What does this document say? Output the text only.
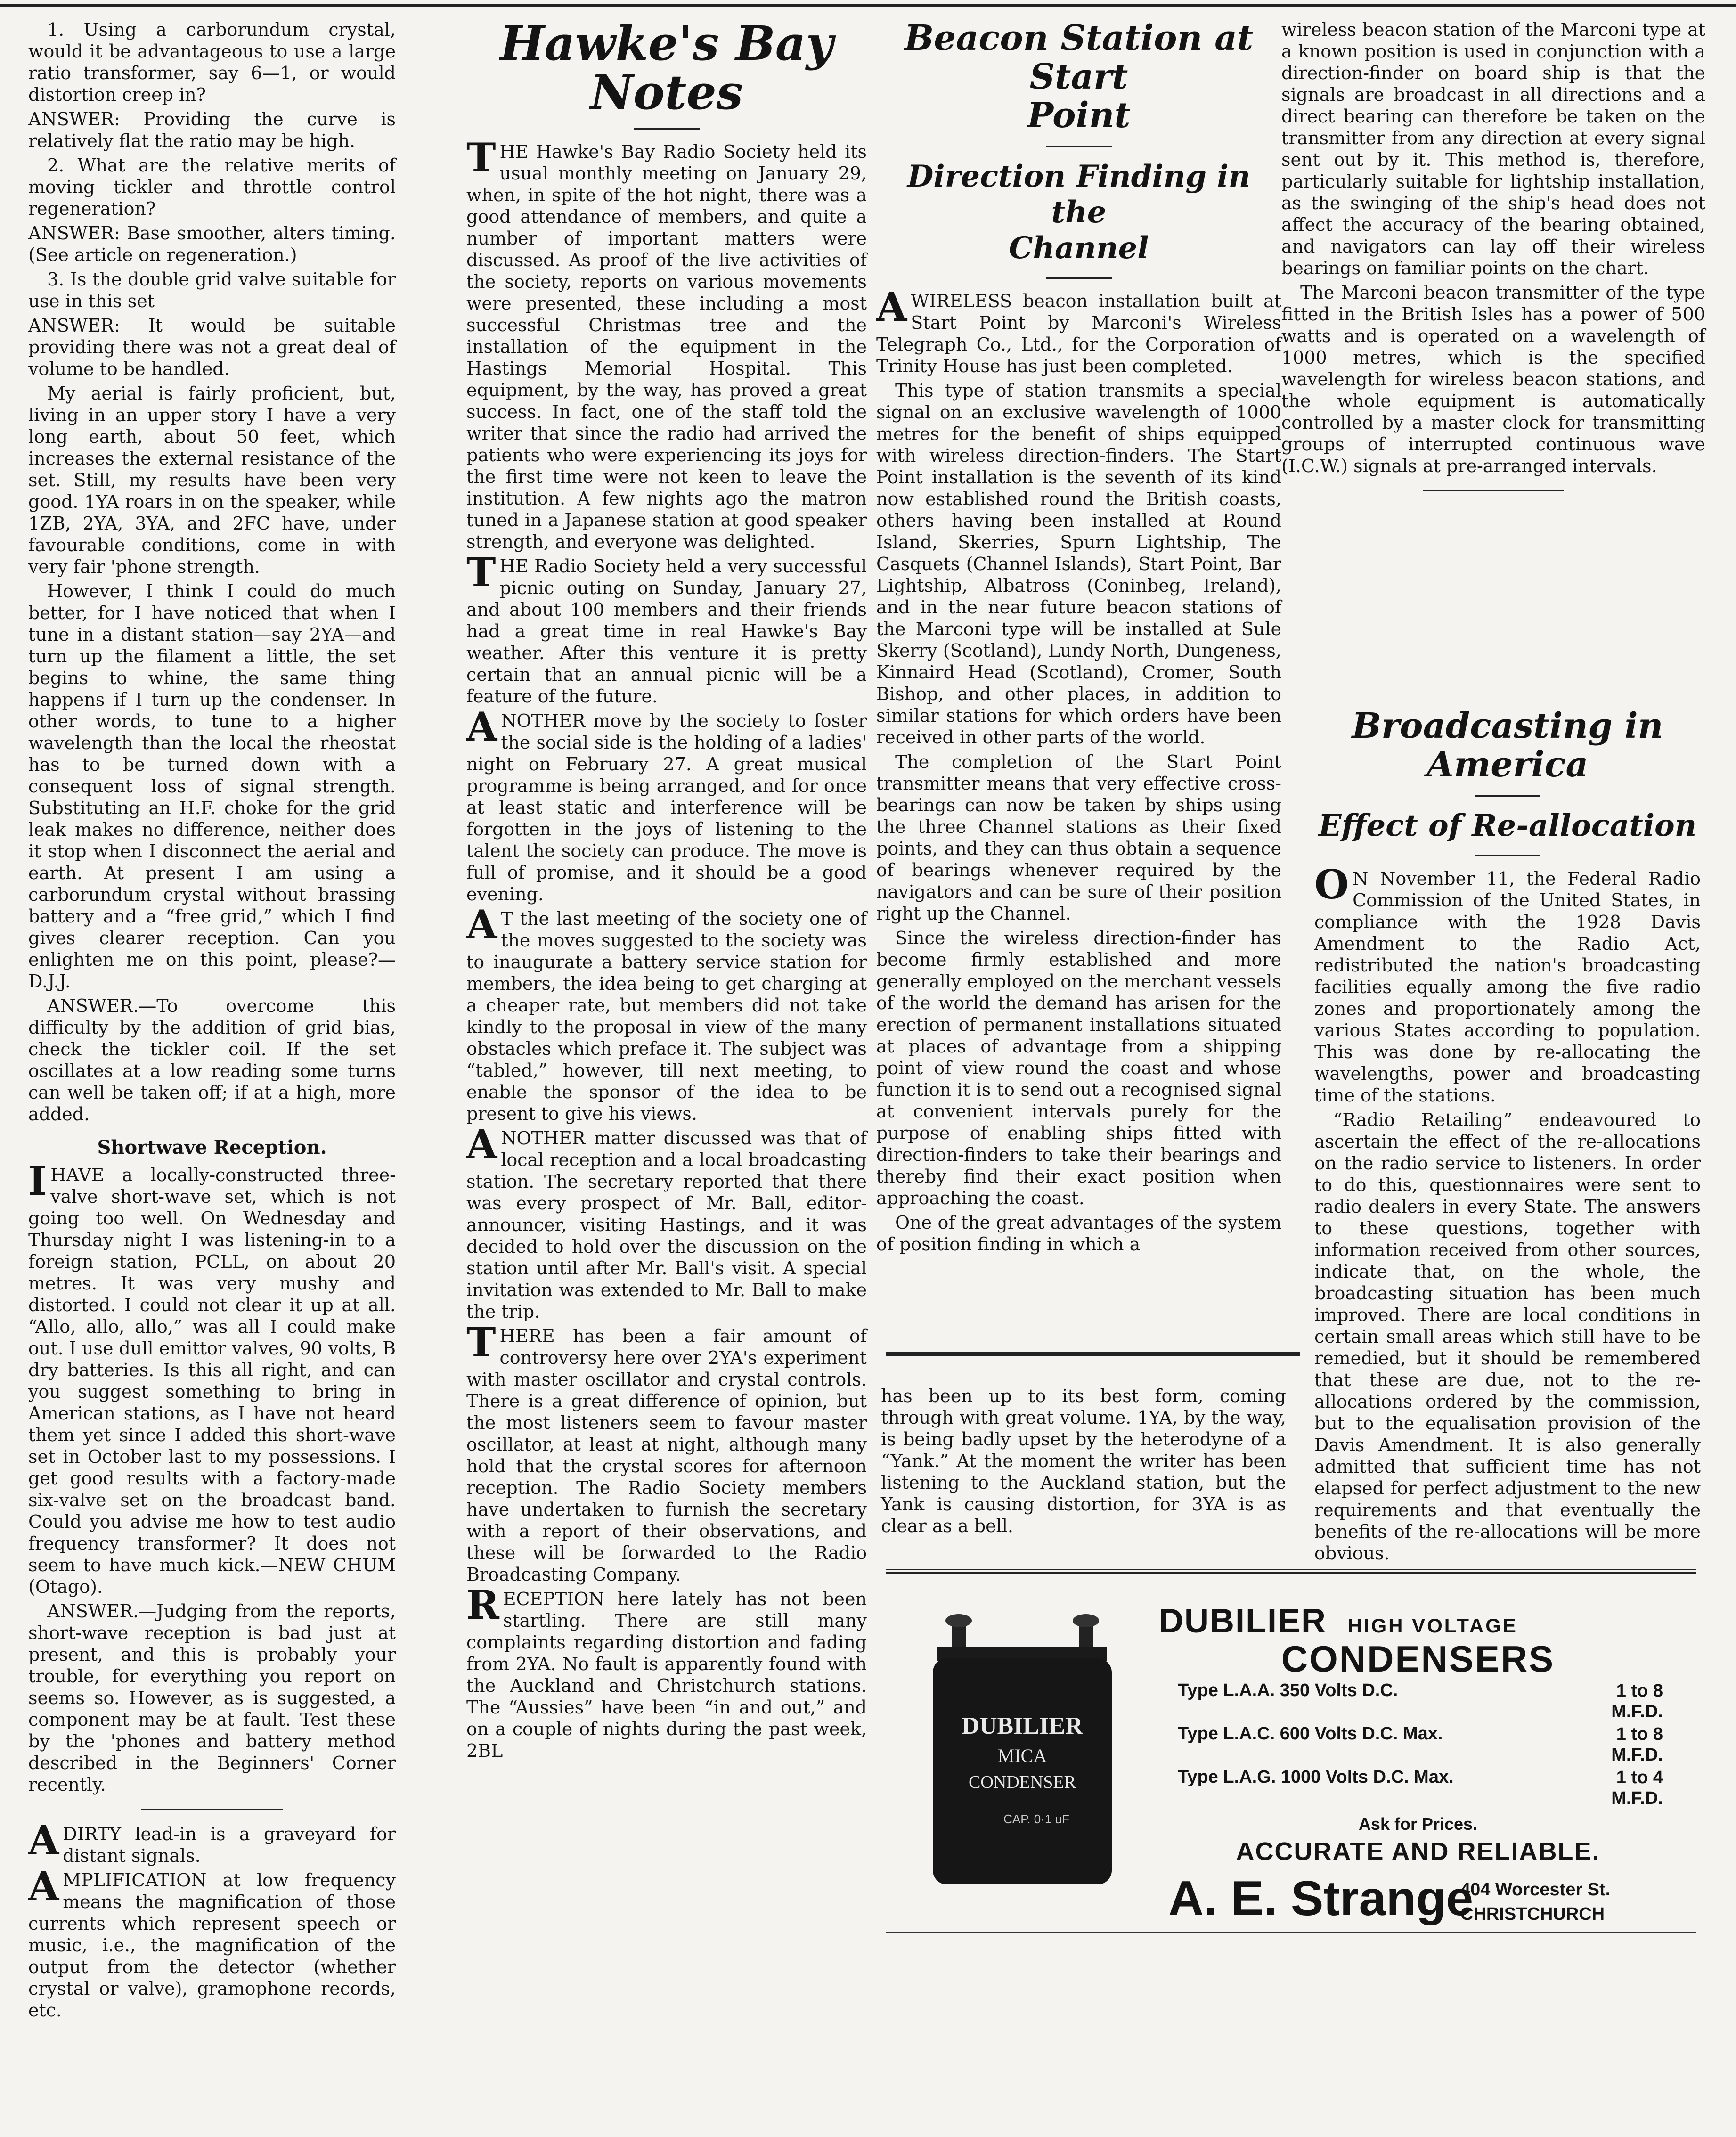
1. Using a carborundum crystal, would it be advantageous to use a large ratio transformer, say 6—1, or would distortion creep in?

ANSWER: Providing the curve is relatively flat the ratio may be high.

2. What are the relative merits of moving tickler and throttle control regeneration?

ANSWER: Base smoother, alters timing. (See article on regeneration.)

3. Is the double grid valve suitable for use in this set

ANSWER: It would be suitable providing there was not a great deal of volume to be handled.

My aerial is fairly proficient, but, living in an upper story I have a very long earth, about 50 feet, which increases the external resistance of the set. Still, my results have been very good. 1YA roars in on the speaker, while 1ZB, 2YA, 3YA, and 2FC have, under favourable conditions, come in with very fair 'phone strength.

However, I think I could do much better, for I have noticed that when I tune in a distant station—say 2YA—and turn up the filament a little, the set begins to whine, the same thing happens if I turn up the condenser. In other words, to tune to a higher wavelength than the local the rheostat has to be turned down with a consequent loss of signal strength. Substituting an H.F. choke for the grid leak makes no difference, neither does it stop when I disconnect the aerial and earth. At present I am using a carborundum crystal without brassing battery and a “free grid,” which I find gives clearer reception. Can you enlighten me on this point, please?—D.J.J.

ANSWER.—To overcome this difficulty by the addition of grid bias, check the tickler coil. If the set oscillates at a low reading some turns can well be taken off; if at a high, more added.

Shortwave Reception.

IHAVE a locally-constructed three-valve short-wave set, which is not going too well. On Wednesday and Thursday night I was listening-in to a foreign station, PCLL, on about 20 metres. It was very mushy and distorted. I could not clear it up at all. “Allo, allo, allo,” was all I could make out. I use dull emittor valves, 90 volts, B dry batteries. Is this all right, and can you suggest something to bring in American stations, as I have not heard them yet since I added this short-wave set in October last to my possessions. I get good results with a factory-made six-valve set on the broadcast band. Could you advise me how to test audio frequency transformer? It does not seem to have much kick.—NEW CHUM (Otago).

ANSWER.—Judging from the reports, short-wave reception is bad just at present, and this is probably your trouble, for everything you report on seems so. However, as is suggested, a component may be at fault. Test these by the 'phones and battery method described in the Beginners' Corner recently.

ADIRTY lead-in is a graveyard for distant signals.

AMPLIFICATION at low frequency means the magnification of those currents which represent speech or music, i.e., the magnification of the output from the detector (whether crystal or valve), gramophone records, etc.

Hawke's Bay
Notes

THE Hawke's Bay Radio Society held its usual monthly meeting on January 29, when, in spite of the hot night, there was a good attendance of members, and quite a number of important matters were discussed. As proof of the live activities of the society, reports on various movements were presented, these including a most successful Christmas tree and the installation of the equipment in the Hastings Memorial Hospital. This equipment, by the way, has proved a great success. In fact, one of the staff told the writer that since the radio had arrived the patients who were experiencing its joys for the first time were not keen to leave the institution. A few nights ago the matron tuned in a Japanese station at good speaker strength, and everyone was delighted.

THE Radio Society held a very successful picnic outing on Sunday, January 27, and about 100 members and their friends had a great time in real Hawke's Bay weather. After this venture it is pretty certain that an annual picnic will be a feature of the future.

ANOTHER move by the society to foster the social side is the holding of a ladies' night on February 27. A great musical programme is being arranged, and for once at least static and interference will be forgotten in the joys of listening to the talent the society can produce. The move is full of promise, and it should be a good evening.

AT the last meeting of the society one of the moves suggested to the society was to inaugurate a battery service station for members, the idea being to get charging at a cheaper rate, but members did not take kindly to the proposal in view of the many obstacles which preface it. The subject was “tabled,” however, till next meeting, to enable the sponsor of the idea to be present to give his views.

ANOTHER matter discussed was that of local reception and a local broadcasting station. The secretary reported that there was every prospect of Mr. Ball, editor-announcer, visiting Hastings, and it was decided to hold over the discussion on the station until after Mr. Ball's visit. A special invitation was extended to Mr. Ball to make the trip.

THERE has been a fair amount of controversy here over 2YA's experiment with master oscillator and crystal controls. There is a great difference of opinion, but the most listeners seem to favour master oscillator, at least at night, although many hold that the crystal scores for afternoon reception. The Radio Society members have undertaken to furnish the secretary with a report of their observations, and these will be forwarded to the Radio Broadcasting Company.

RECEPTION here lately has not been startling. There are still many complaints regarding distortion and fading from 2YA. No fault is apparently found with the Auckland and Christchurch stations. The “Aussies” have been “in and out,” and on a couple of nights during the past week, 2BL

Beacon Station at Start
Point
Direction Finding in the
Channel

AWIRELESS beacon installation built at Start Point by Marconi's Wireless Telegraph Co., Ltd., for the Corporation of Trinity House has just been completed.

This type of station transmits a special signal on an exclusive wavelength of 1000 metres for the benefit of ships equipped with wireless direction-finders. The Start Point installation is the seventh of its kind now established round the British coasts, others having been installed at Round Island, Skerries, Spurn Lightship, The Casquets (Channel Islands), Start Point, Bar Lightship, Albatross (Coninbeg, Ireland), and in the near future beacon stations of the Marconi type will be installed at Sule Skerry (Scotland), Lundy North, Dungeness, Kinnaird Head (Scotland), Cromer, South Bishop, and other places, in addition to similar stations for which orders have been received in other parts of the world.

The completion of the Start Point transmitter means that very effective cross-bearings can now be taken by ships using the three Channel stations as their fixed points, and they can thus obtain a sequence of bearings whenever required by the navigators and can be sure of their position right up the Channel.

Since the wireless direction-finder has become firmly established and more generally employed on the merchant vessels of the world the demand has arisen for the erection of permanent installations situated at places of advantage from a shipping point of view round the coast and whose function it is to send out a recognised signal at convenient intervals purely for the purpose of enabling ships fitted with direction-finders to take their bearings and thereby find their exact position when approaching the coast.

One of the great advantages of the system of position finding in which a

has been up to its best form, coming through with great volume. 1YA, by the way, is being badly upset by the heterodyne of a “Yank.” At the moment the writer has been listening to the Auckland station, but the Yank is causing distortion, for 3YA is as clear as a bell.

wireless beacon station of the Marconi type at a known position is used in conjunction with a direction-finder on board ship is that the signals are broadcast in all directions and a direct bearing can therefore be taken on the transmitter from any direction at every signal sent out by it. This method is, therefore, particularly suitable for lightship installation, as the swinging of the ship's head does not affect the accuracy of the bearing obtained, and navigators can lay off their wireless bearings on familiar points on the chart.

The Marconi beacon transmitter of the type fitted in the British Isles has a power of 500 watts and is operated on a wavelength of 1000 metres, which is the specified wavelength for wireless beacon stations, and the whole equipment is automatically controlled by a master clock for transmitting groups of interrupted continuous wave (I.C.W.) signals at pre-arranged intervals.

Broadcasting in
America
Effect of Re-allocation

ON November 11, the Federal Radio Commission of the United States, in compliance with the 1928 Davis Amendment to the Radio Act, redistributed the nation's broadcasting facilities equally among the five radio zones and proportionately among the various States according to population. This was done by re-allocating the wavelengths, power and broadcasting time of the stations.

“Radio Retailing” endeavoured to ascertain the effect of the re-allocations on the radio service to listeners. In order to do this, questionnaires were sent to radio dealers in every State. The answers to these questions, together with information received from other sources, indicate that, on the whole, the broadcasting situation has been much improved. There are local conditions in certain small areas which still have to be remedied, but it should be remembered that these are due, not to the re-allocations ordered by the commission, but to the equalisation provision of the Davis Amendment. It is also generally admitted that sufficient time has not elapsed for perfect adjustment to the new requirements and that eventually the benefits of the re-allocations will be more obvious.

DUBILIER
MICA
CONDENSER
CAP. 0·1 uF
DUBILIER HIGH VOLTAGE
CONDENSERS
Type L.A.A. 350 Volts D.C.	1 to 8 M.F.D.
Type L.A.C. 600 Volts D.C. Max.	1 to 8 M.F.D.
Type L.A.G. 1000 Volts D.C. Max.	1 to 4 M.F.D.
Ask for Prices.
ACCURATE AND RELIABLE.
A. E. Strange
404 Worcester St.
CHRISTCHURCH
